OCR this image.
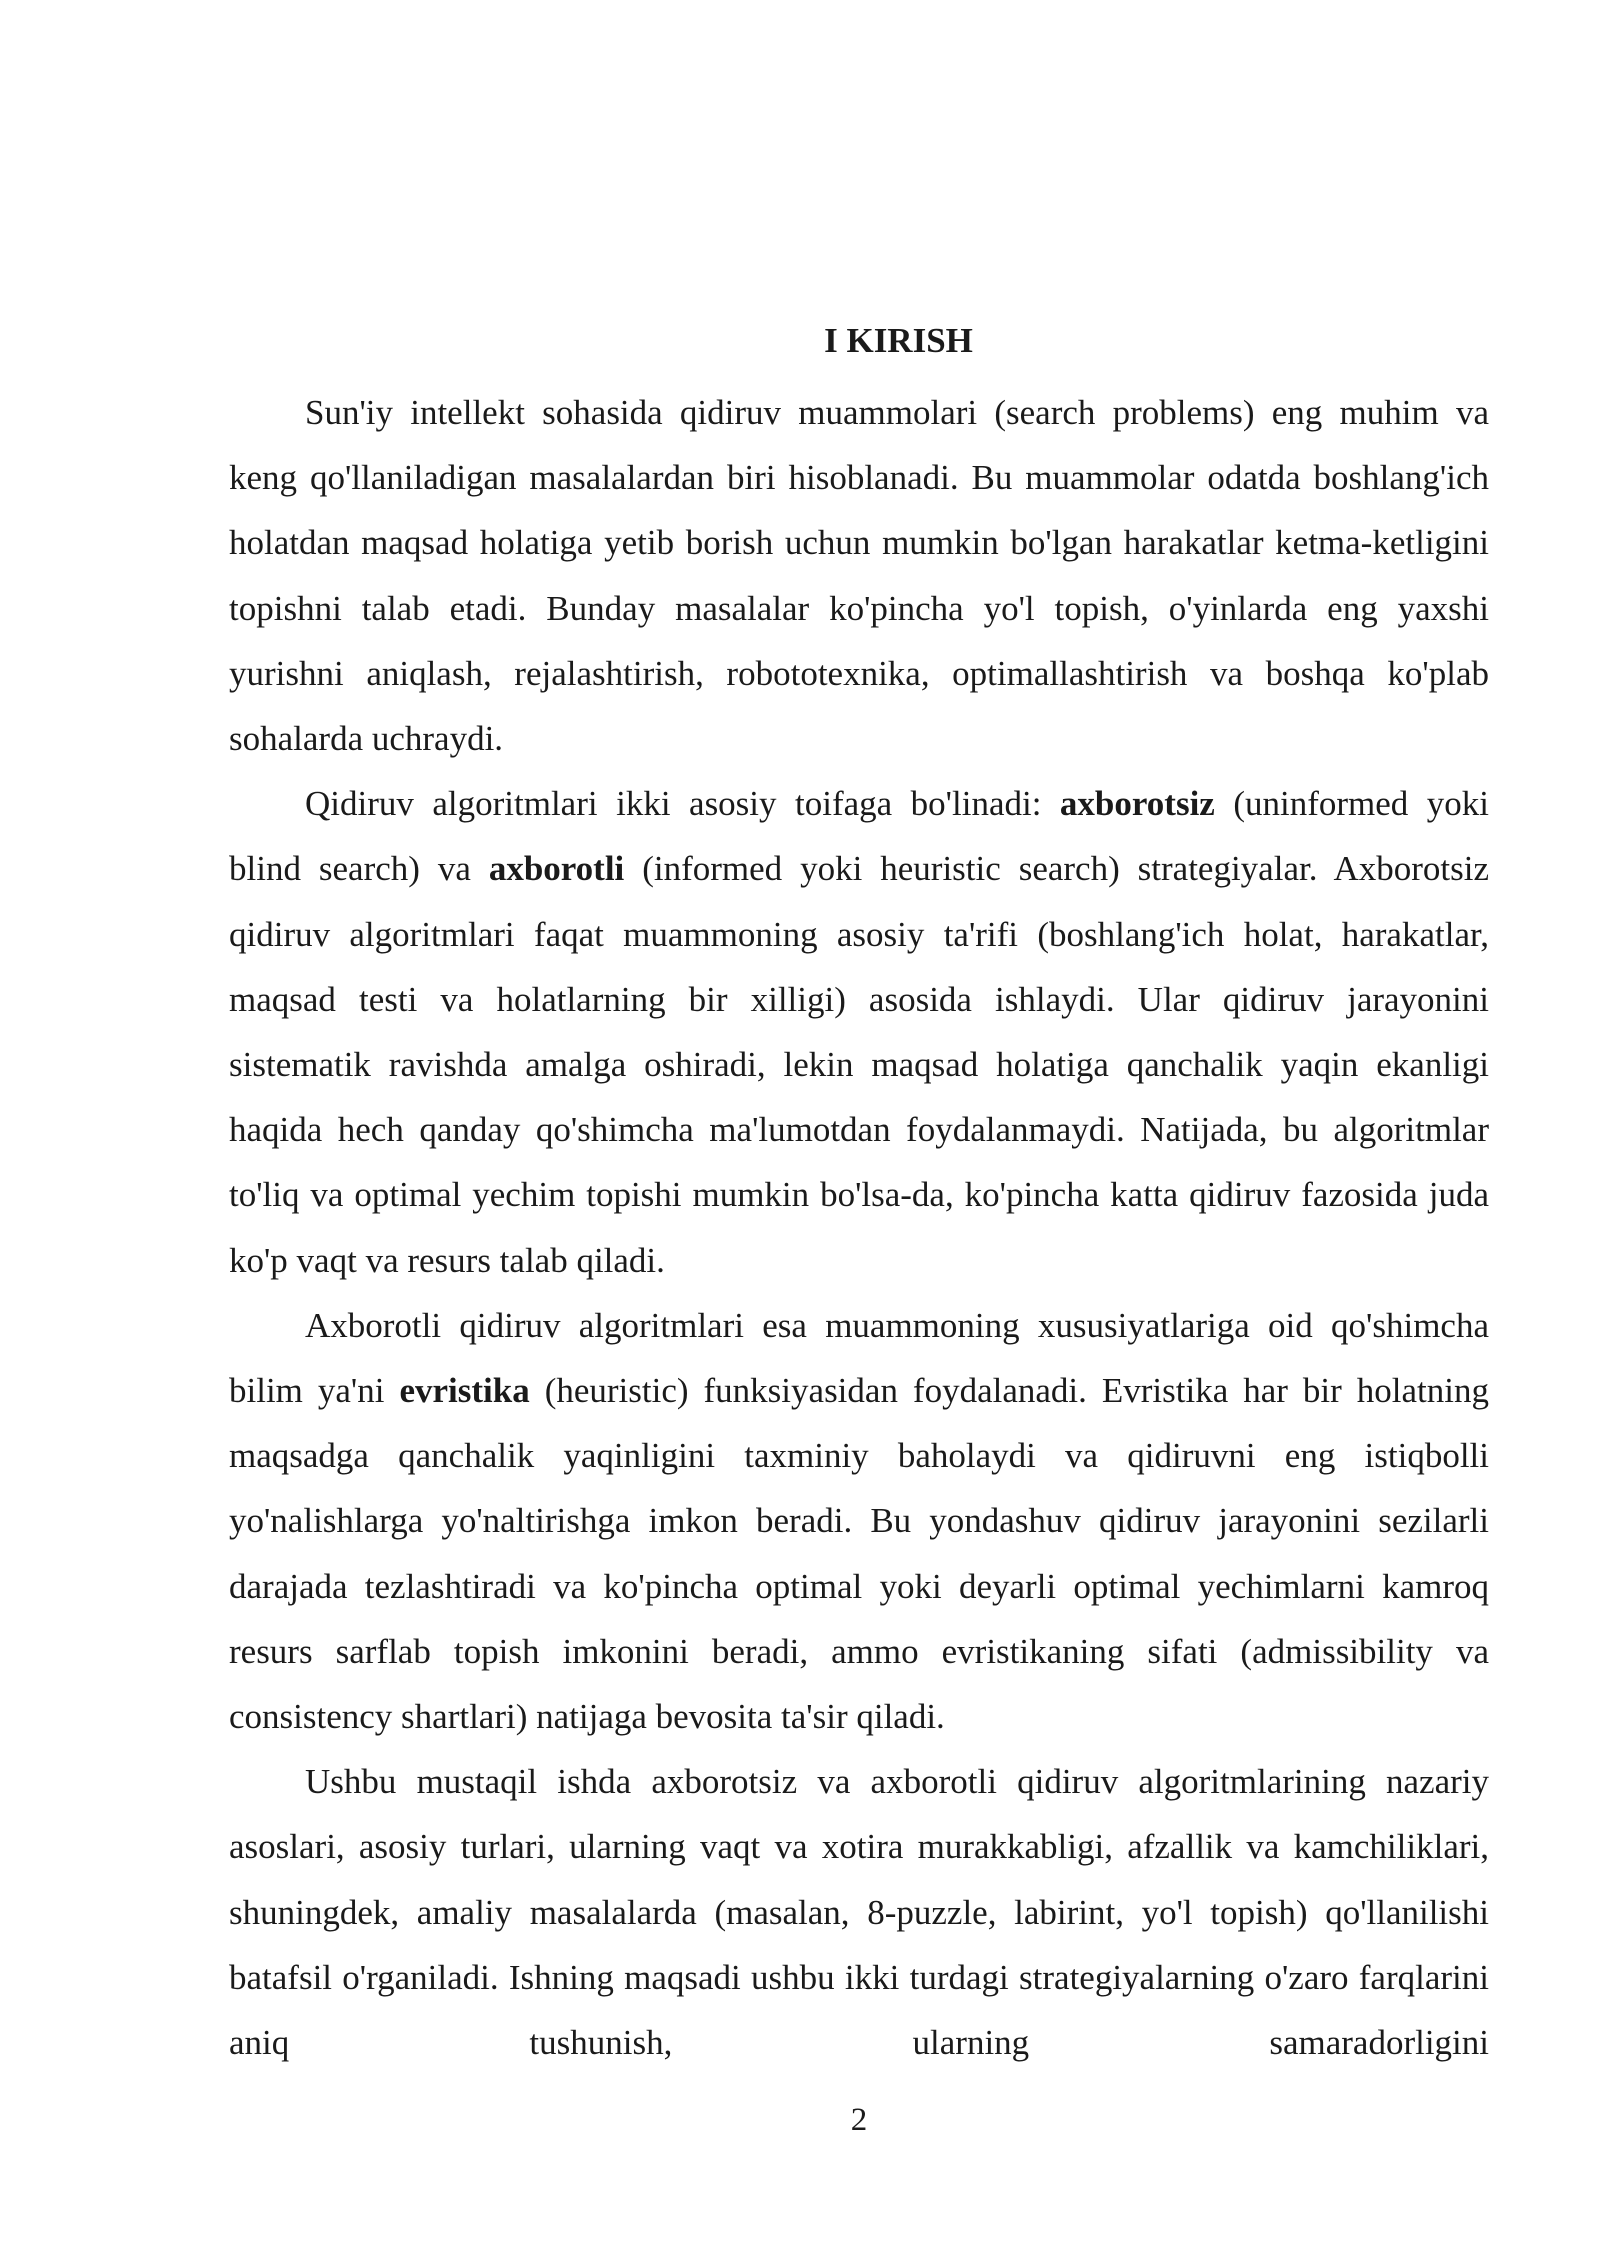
I KIRISH

Sun'iy intellekt sohasida qidiruv muammolari (search problems) eng muhim va keng qo'llaniladigan masalalardan biri hisoblanadi. Bu muammolar odatda boshlang'ich holatdan maqsad holatiga yetib borish uchun mumkin bo'lgan harakatlar ketma-ketligini topishni talab etadi. Bunday masalalar ko'pincha yo'l topish, o'yinlarda eng yaxshi yurishni aniqlash, rejalashtirish, robototexnika, optimallashtirish va boshqa ko'plab sohalarda uchraydi.

Qidiruv algoritmlari ikki asosiy toifaga bo'linadi: axborotsiz (uninformed yoki blind search) va axborotli (informed yoki heuristic search) strategiyalar. Axborotsiz qidiruv algoritmlari faqat muammoning asosiy ta'rifi (boshlang'ich holat, harakatlar, maqsad testi va holatlarning bir xilligi) asosida ishlaydi. Ular qidiruv jarayonini sistematik ravishda amalga oshiradi, lekin maqsad holatiga qanchalik yaqin ekanligi haqida hech qanday qo'shimcha ma'lumotdan foydalanmaydi. Natijada, bu algoritmlar to'liq va optimal yechim topishi mumkin bo'lsa-da, ko'pincha katta qidiruv fazosida juda ko'p vaqt va resurs talab qiladi.

Axborotli qidiruv algoritmlari esa muammoning xususiyatlariga oid qo'shimcha bilim ya'ni evristika (heuristic) funksiyasidan foydalanadi. Evristika har bir holatning maqsadga qanchalik yaqinligini taxminiy baholaydi va qidiruvni eng istiqbolli yo'nalishlarga yo'naltirishga imkon beradi. Bu yondashuv qidiruv jarayonini sezilarli darajada tezlashtiradi va ko'pincha optimal yoki deyarli optimal yechimlarni kamroq resurs sarflab topish imkonini beradi, ammo evristikaning sifati (admissibility va consistency shartlari) natijaga bevosita ta'sir qiladi.

Ushbu mustaqil ishda axborotsiz va axborotli qidiruv algoritmlarining nazariy asoslari, asosiy turlari, ularning vaqt va xotira murakkabligi, afzallik va kamchiliklari, shuningdek, amaliy masalalarda (masalan, 8-puzzle, labirint, yo'l topish) qo'llanilishi batafsil o'rganiladi. Ishning maqsadi ushbu ikki turdagi strategiyalarning o'zaro farqlarini aniq tushunish, ularning samaradorligini

2
